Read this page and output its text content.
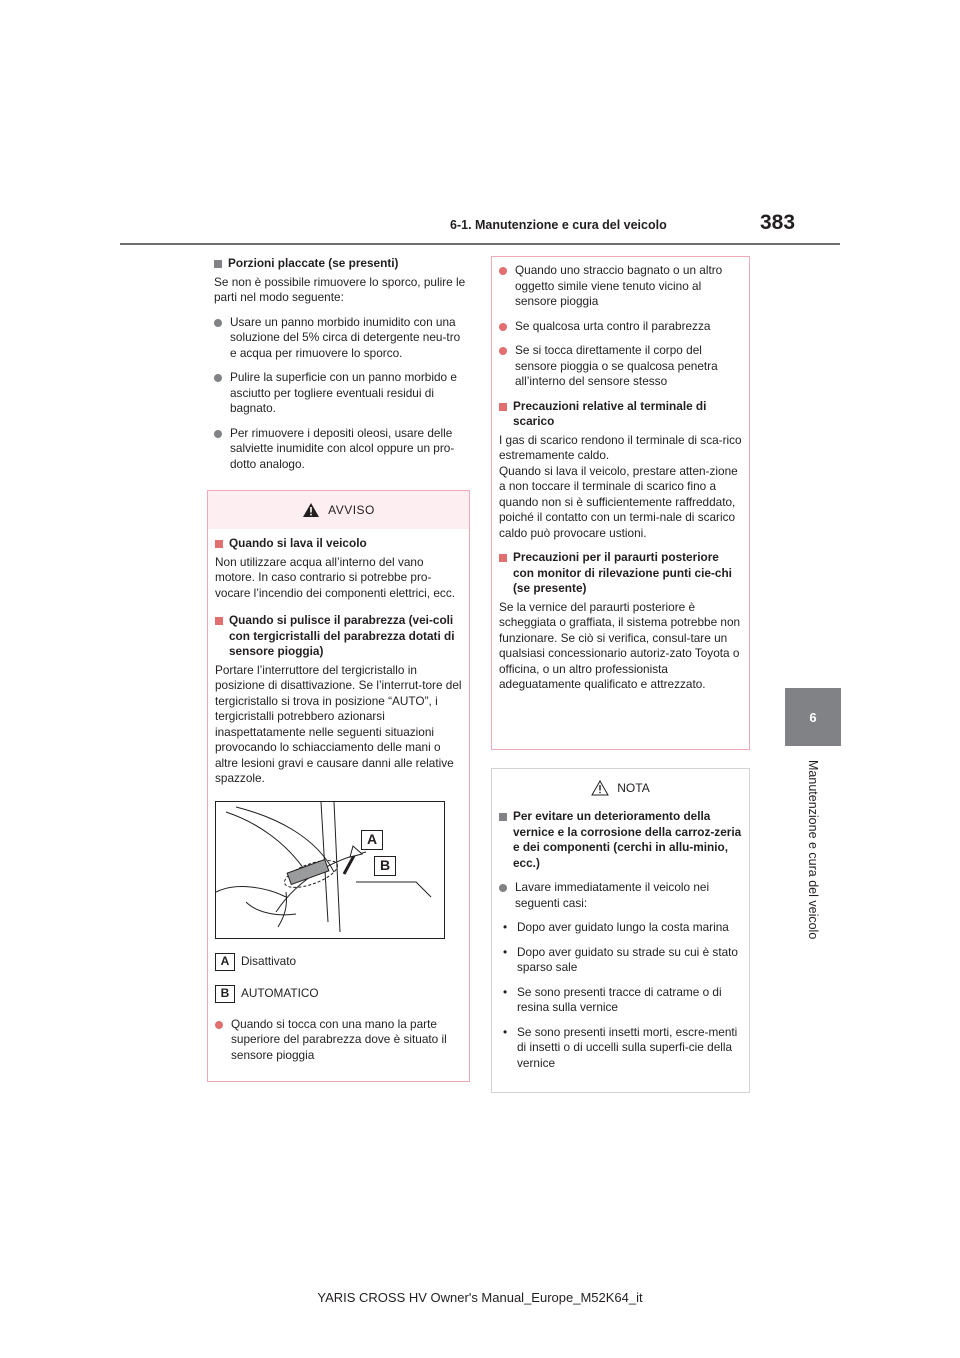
6-1. Manutenzione e cura del veicolo	383
6
Manutenzione e cura del veicolo
Porzioni placcate (se presenti)

Se non è possibile rimuovere lo sporco, pulire le parti nel modo seguente:

Usare un panno morbido inumidito con una soluzione del 5% circa di detergente neu-tro e acqua per rimuovere lo sporco.

Pulire la superficie con un panno morbido e asciutto per togliere eventuali residui di bagnato.

Per rimuovere i depositi oleosi, usare delle salviette inumidite con alcol oppure un pro-dotto analogo.

AVVISO
Quando si lava il veicolo

Non utilizzare acqua all’interno del vano motore. In caso contrario si potrebbe pro-vocare l’incendio dei componenti elettrici, ecc.

Quando si pulisce il parabrezza (vei-coli con tergicristalli del parabrezza dotati di sensore pioggia)

Portare l’interruttore del tergicristallo in posizione di disattivazione. Se l’interrut-tore del tergicristallo si trova in posizione “AUTO”, i tergicristalli potrebbero azionarsi inaspettatamente nelle seguenti situazioni provocando lo schiacciamento delle mani o altre lesioni gravi e causare danni alle relative spazzole.

A
B
A Disattivato
B AUTOMATICO

Quando si tocca con una mano la parte superiore del parabrezza dove è situato il sensore pioggia

Quando uno straccio bagnato o un altro oggetto simile viene tenuto vicino al sensore pioggia

Se qualcosa urta contro il parabrezza

Se si tocca direttamente il corpo del sensore pioggia o se qualcosa penetra all’interno del sensore stesso

Precauzioni relative al terminale di scarico
I gas di scarico rendono il terminale di sca-rico estremamente caldo.

Quando si lava il veicolo, prestare atten-zione a non toccare il terminale di scarico fino a quando non si è sufficientemente raffreddato, poiché il contatto con un termi-nale di scarico caldo può provocare ustioni.

Precauzioni per il paraurti posteriore con monitor di rilevazione punti cie-chi (se presente)

Se la vernice del paraurti posteriore è scheggiata o graffiata, il sistema potrebbe non funzionare. Se ciò si verifica, consul-tare un qualsiasi concessionario autoriz-zato Toyota o officina, o un altro professionista adeguatamente qualificato e attrezzato.

NOTA
Per evitare un deterioramento della vernice e la corrosione della carroz-zeria e dei componenti (cerchi in allu-minio, ecc.)

Lavare immediatamente il veicolo nei seguenti casi:

• Dopo aver guidato lungo la costa marina

• Dopo aver guidato su strade su cui è stato sparso sale

• Se sono presenti tracce di catrame o di resina sulla vernice

• Se sono presenti insetti morti, escre-menti di insetti o di uccelli sulla superfi-cie della vernice

YARIS CROSS HV Owner's Manual_Europe_M52K64_it
